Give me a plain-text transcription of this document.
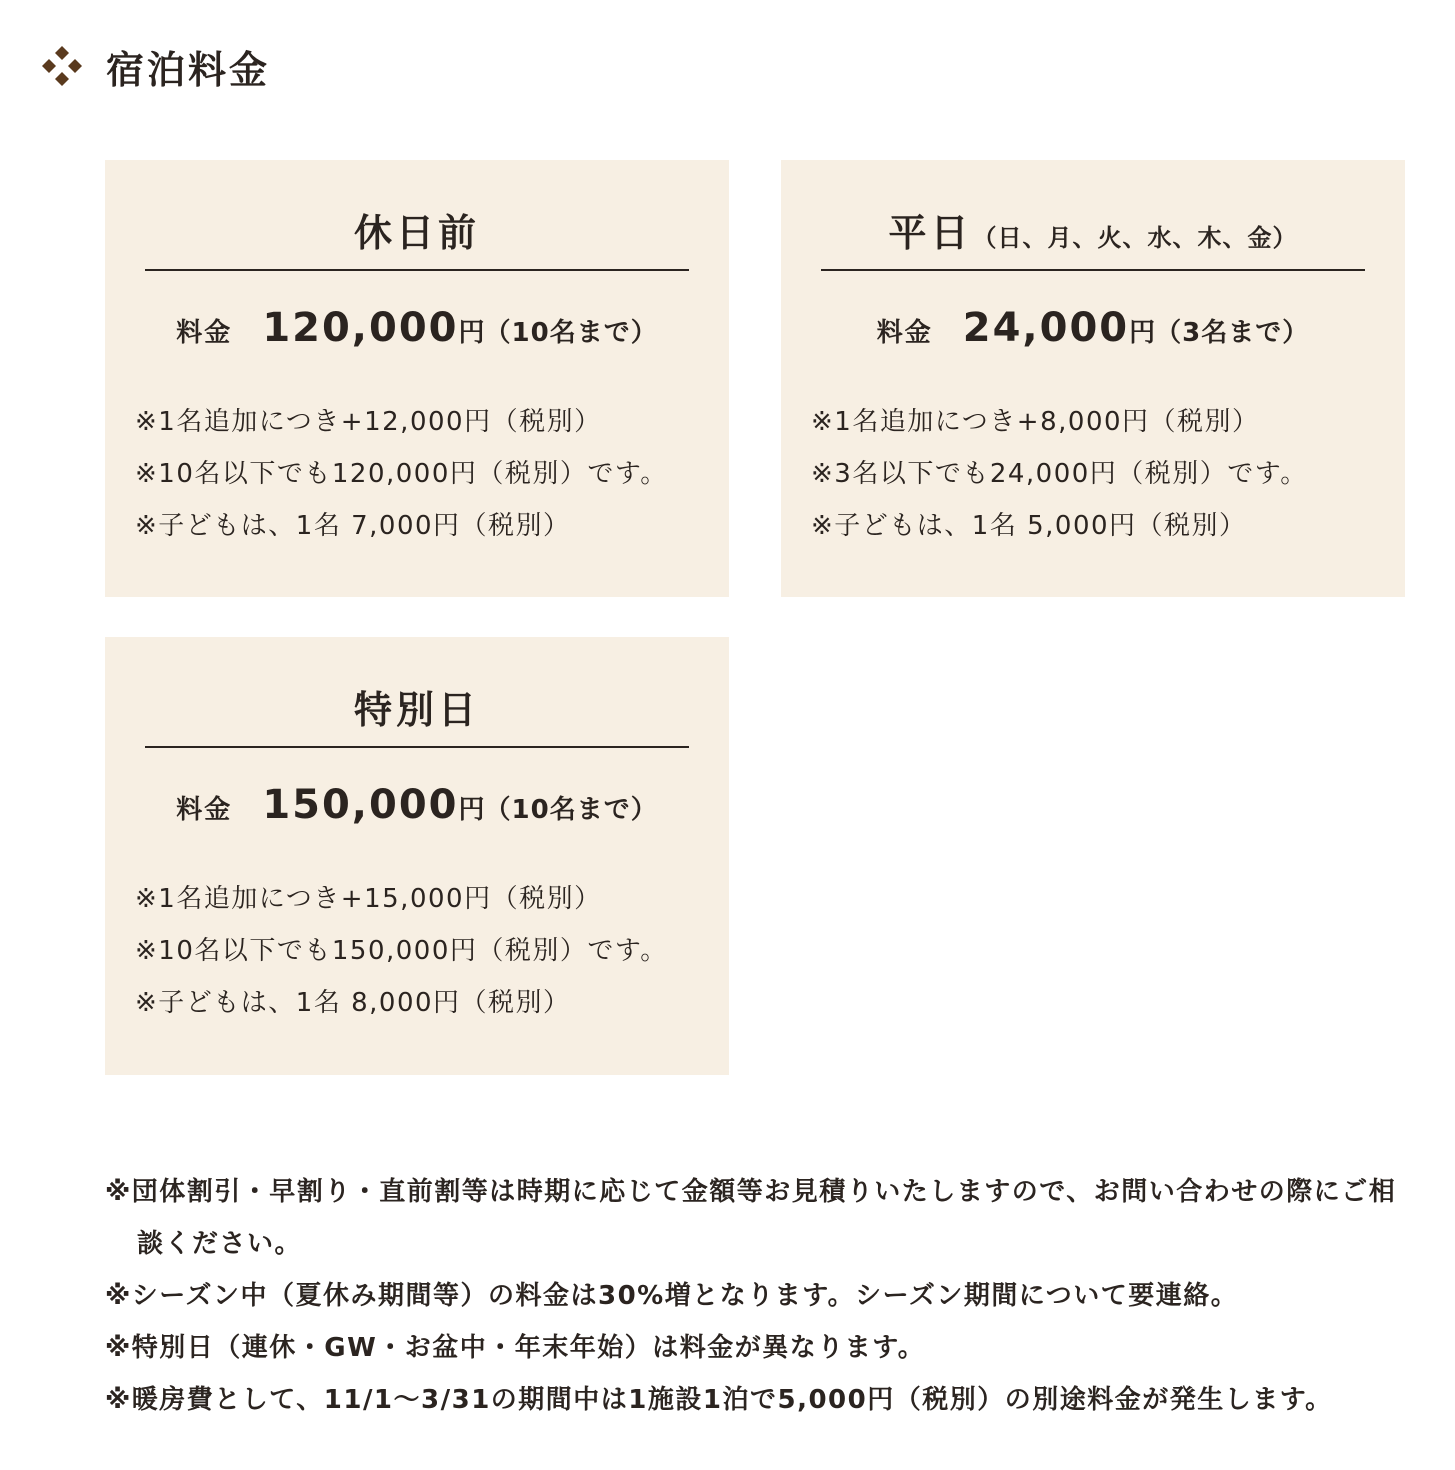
宿泊料金
休日前
料金 120,000円（10名まで）
※1名追加につき+12,000円（税別）
※10名以下でも120,000円（税別）です。
※子どもは、1名 7,000円（税別）
平日（日、月、火、水、木、金）
料金 24,000円（3名まで）
※1名追加につき+8,000円（税別）
※3名以下でも24,000円（税別）です。
※子どもは、1名 5,000円（税別）
特別日
料金 150,000円（10名まで）
※1名追加につき+15,000円（税別）
※10名以下でも150,000円（税別）です。
※子どもは、1名 8,000円（税別）
※団体割引・早割り・直前割等は時期に応じて金額等お見積りいたしますので、お問い合わせの際にご相談ください。
※シーズン中（夏休み期間等）の料金は30%増となります。シーズン期間について要連絡。
※特別日（連休・GW・お盆中・年末年始）は料金が異なります。
※暖房費として、11/1〜3/31の期間中は1施設1泊で5,000円（税別）の別途料金が発生します。
